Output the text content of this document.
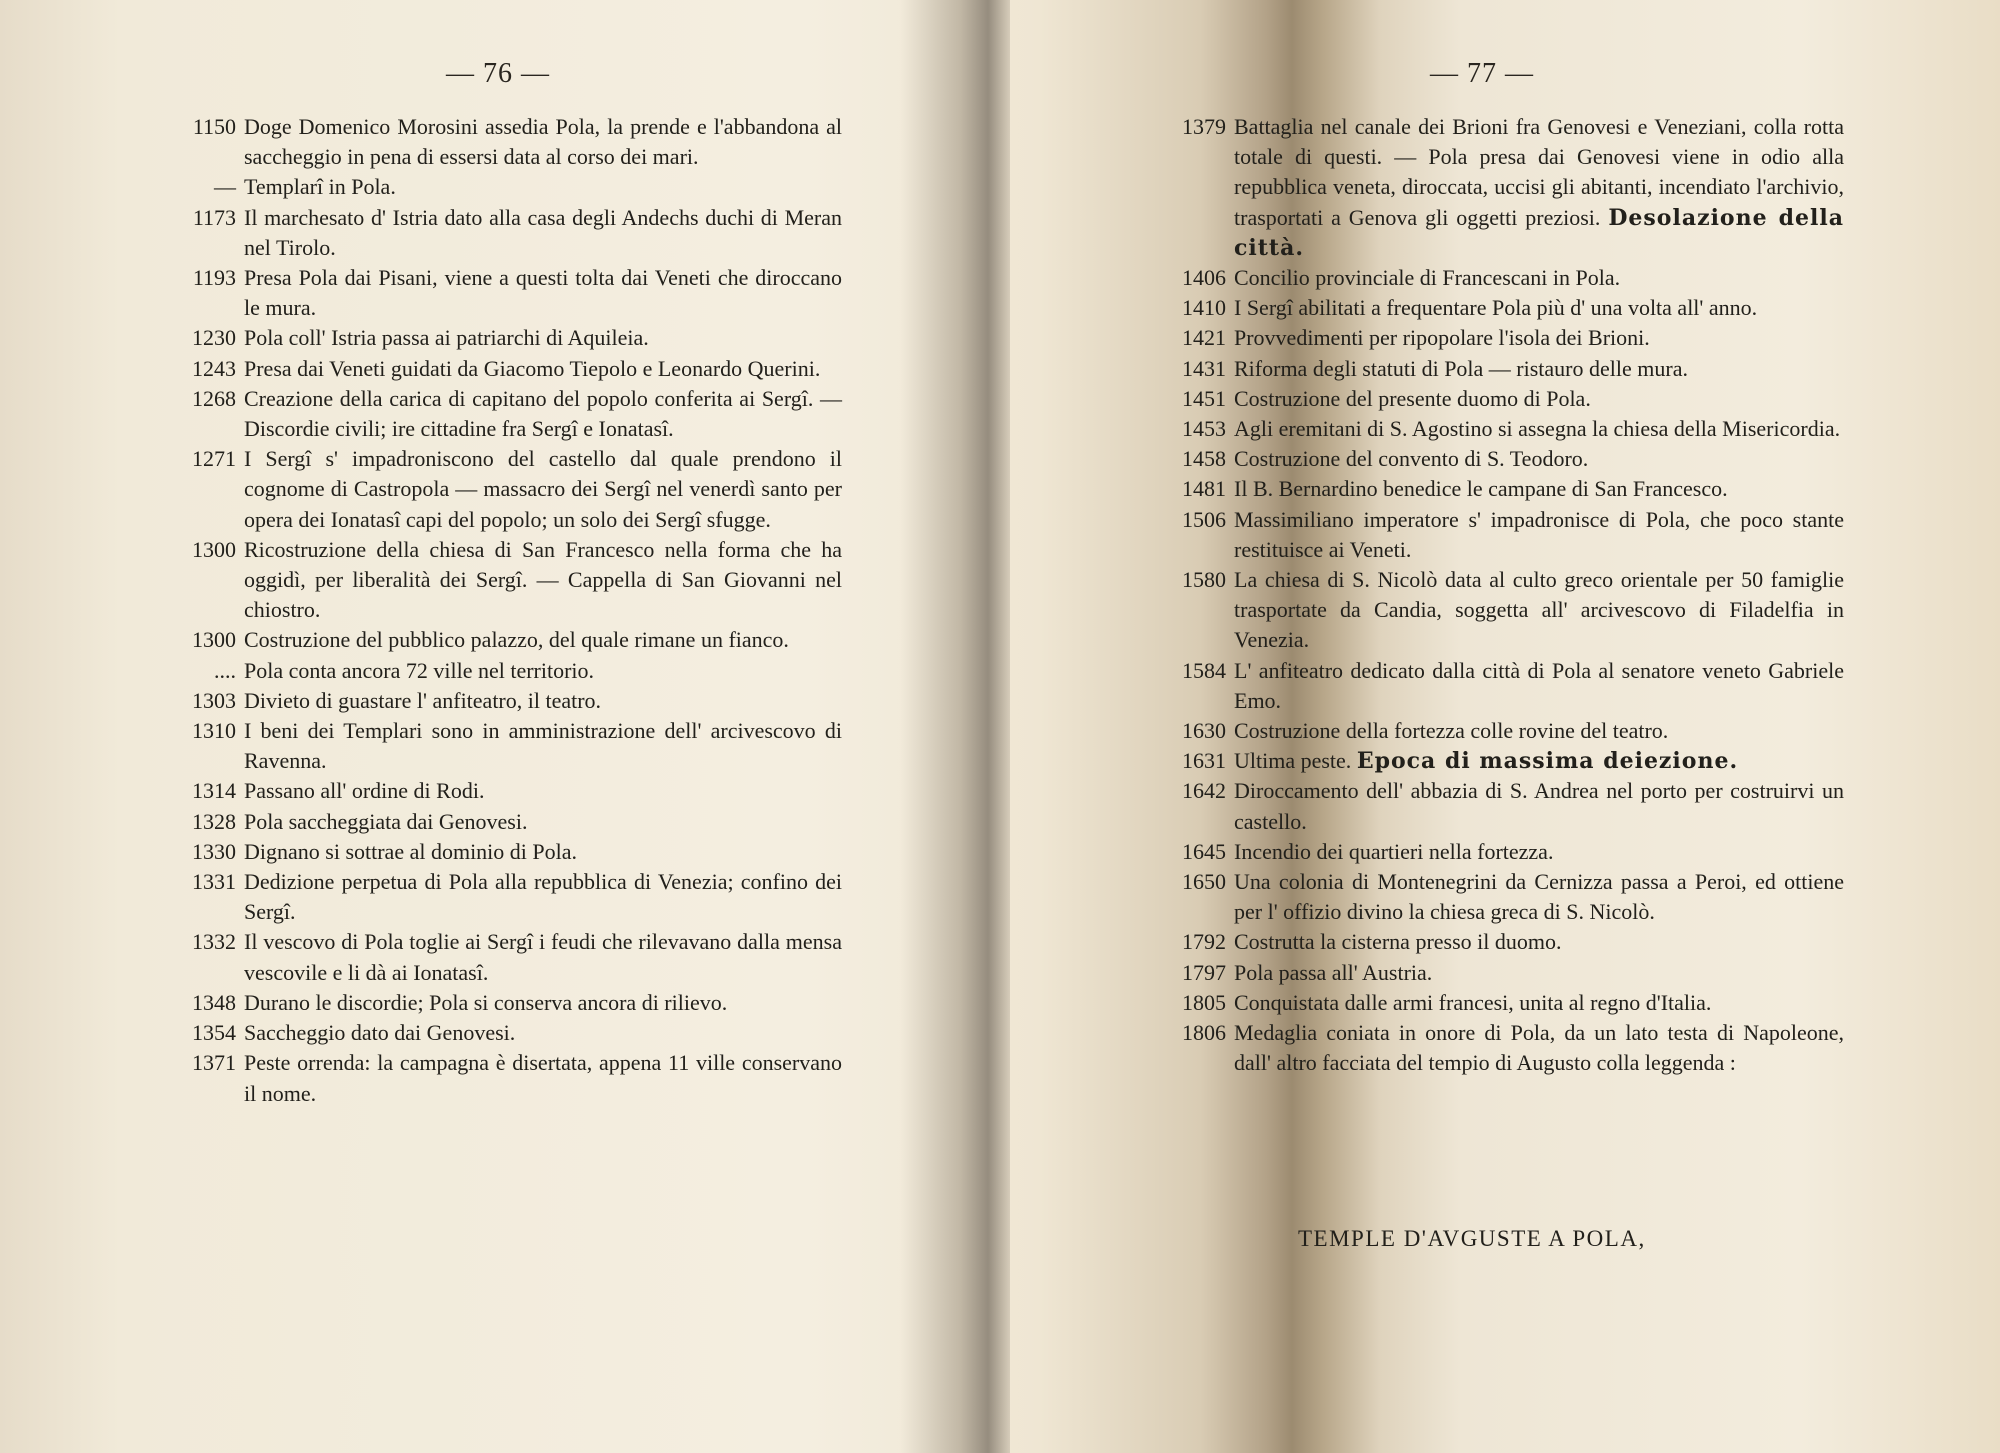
— 76 —
1150 Doge Domenico Morosini assedia Pola, la prende e l'abbandona al saccheggio in pena di essersi data al corso dei mari.
— Templarî in Pola.
1173 Il marchesato d' Istria dato alla casa degli Andechs duchi di Meran nel Tirolo.
1193 Presa Pola dai Pisani, viene a questi tolta dai Veneti che diroccano le mura.
1230 Pola coll' Istria passa ai patriarchi di Aquileia.
1243 Presa dai Veneti guidati da Giacomo Tiepolo e Leonardo Querini.
1268 Creazione della carica di capitano del popolo conferita ai Sergî. — Discordie civili; ire cittadine fra Sergî e Ionatasî.
1271 I Sergî s' impadroniscono del castello dal quale prendono il cognome di Castropola — massacro dei Sergî nel venerdì santo per opera dei Ionatasî capi del popolo; un solo dei Sergî sfugge.
1300 Ricostruzione della chiesa di San Francesco nella forma che ha oggidì, per liberalità dei Sergî. — Cappella di San Giovanni nel chiostro.
1300 Costruzione del pubblico palazzo, del quale rimane un fianco.
.... Pola conta ancora 72 ville nel territorio.
1303 Divieto di guastare l' anfiteatro, il teatro.
1310 I beni dei Templari sono in amministrazione dell' arcivescovo di Ravenna.
1314 Passano all' ordine di Rodi.
1328 Pola saccheggiata dai Genovesi.
1330 Dignano si sottrae al dominio di Pola.
1331 Dedizione perpetua di Pola alla repubblica di Venezia; confino dei Sergî.
1332 Il vescovo di Pola toglie ai Sergî i feudi che rilevavano dalla mensa vescovile e li dà ai Ionatasî.
1348 Durano le discordie; Pola si conserva ancora di rilievo.
1354 Saccheggio dato dai Genovesi.
1371 Peste orrenda: la campagna è disertata, appena 11 ville conservano il nome.
— 77 —
1379 Battaglia nel canale dei Brioni fra Genovesi e Veneziani, colla rotta totale di questi. — Pola presa dai Genovesi viene in odio alla repubblica veneta, diroccata, uccisi gli abitanti, incendiato l'archivio, trasportati a Genova gli oggetti preziosi. Desolazione della città.
1406 Concilio provinciale di Francescani in Pola.
1410 I Sergî abilitati a frequentare Pola più d' una volta all' anno.
1421 Provvedimenti per ripopolare l'isola dei Brioni.
1431 Riforma degli statuti di Pola — ristauro delle mura.
1451 Costruzione del presente duomo di Pola.
1453 Agli eremitani di S. Agostino si assegna la chiesa della Misericordia.
1458 Costruzione del convento di S. Teodoro.
1481 Il B. Bernardino benedice le campane di San Francesco.
1506 Massimiliano imperatore s' impadronisce di Pola, che poco stante restituisce ai Veneti.
1580 La chiesa di S. Nicolò data al culto greco orientale per 50 famiglie trasportate da Candia, soggetta all' arcivescovo di Filadelfia in Venezia.
1584 L' anfiteatro dedicato dalla città di Pola al senatore veneto Gabriele Emo.
1630 Costruzione della fortezza colle rovine del teatro.
1631 Ultima peste. Epoca di massima deiezione.
1642 Diroccamento dell' abbazia di S. Andrea nel porto per costruirvi un castello.
1645 Incendio dei quartieri nella fortezza.
1650 Una colonia di Montenegrini da Cernizza passa a Peroi, ed ottiene per l' offizio divino la chiesa greca di S. Nicolò.
1792 Costrutta la cisterna presso il duomo.
1797 Pola passa all' Austria.
1805 Conquistata dalle armi francesi, unita al regno d'Italia.
1806 Medaglia coniata in onore di Pola, da un lato testa di Napoleone, dall' altro facciata del tempio di Augusto colla leggenda :
TEMPLE D'AVGUSTE A POLA,
